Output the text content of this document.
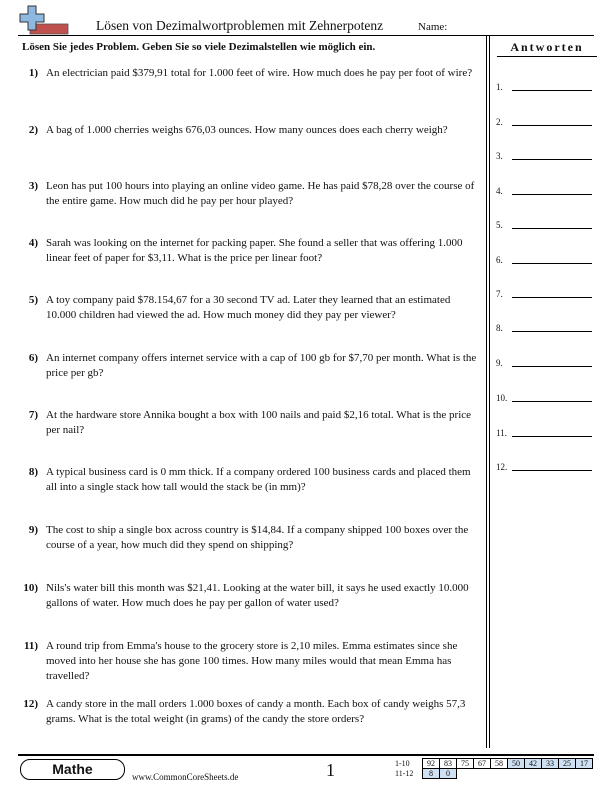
Lösen von Dezimalwortproblemen mit Zehnerpotenz	Name:
Lösen Sie jedes Problem. Geben Sie so viele Dezimalstellen wie möglich ein.
1) An electrician paid $379,91 total for 1.000 feet of wire. How much does he pay per foot of wire?
2) A bag of 1.000 cherries weighs 676,03 ounces. How many ounces does each cherry weigh?
3) Leon has put 100 hours into playing an online video game. He has paid $78,28 over the course of the entire game. How much did he pay per hour played?
4) Sarah was looking on the internet for packing paper. She found a seller that was offering 1.000 linear feet of paper for $3,11. What is the price per linear foot?
5) A toy company paid $78.154,67 for a 30 second TV ad. Later they learned that an estimated 10.000 children had viewed the ad. How much money did they pay per viewer?
6) An internet company offers internet service with a cap of 100 gb for $7,70 per month. What is the price per gb?
7) At the hardware store Annika bought a box with 100 nails and paid $2,16 total. What is the price per nail?
8) A typical business card is 0 mm thick. If a company ordered 100 business cards and placed them all into a single stack how tall would the stack be (in mm)?
9) The cost to ship a single box across country is $14,84. If a company shipped 100 boxes over the course of a year, how much did they spend on shipping?
10) Nils's water bill this month was $21,41. Looking at the water bill, it says he used exactly 10.000 gallons of water. How much does he pay per gallon of water used?
11) A round trip from Emma's house to the grocery store is 2,10 miles. Emma estimates since she moved into her house she has gone 100 times. How many miles would that mean Emma has travelled?
12) A candy store in the mall orders 1.000 boxes of candy a month. Each box of candy weighs 57,3 grams. What is the total weight (in grams) of the candy the store orders?
Antworten
1.
2.
3.
4.
5.
6.
7.
8.
9.
10.
11.
12.
Mathe	www.CommonCoreSheets.de	1	1-10	92	83	75	67	58	50	42	33	25	17
11-12	8	0								
